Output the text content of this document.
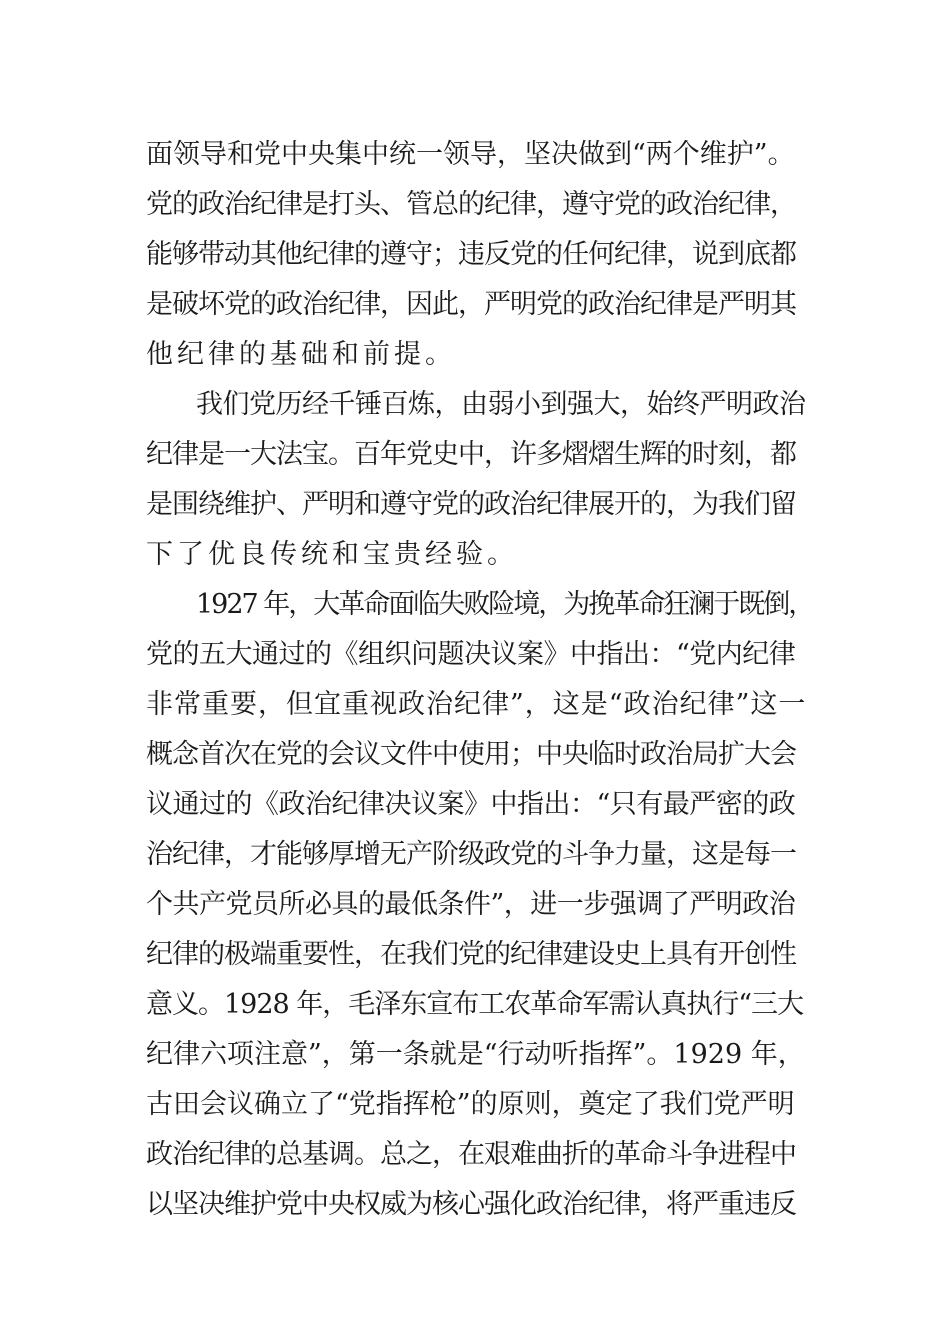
面领导和党中央集中统一领导，坚决做到“两个维护”。
党的政治纪律是打头、管总的纪律，遵守党的政治纪律，
能够带动其他纪律的遵守；违反党的任何纪律，说到底都
是破坏党的政治纪律，因此，严明党的政治纪律是严明其
他纪律的基础和前提。
我们党历经千锤百炼，由弱小到强大，始终严明政治
纪律是一大法宝。百年党史中，许多熠熠生辉的时刻，都
是围绕维护、严明和遵守党的政治纪律展开的，为我们留
下了优良传统和宝贵经验。
1927 年，大革命面临失败险境，为挽革命狂澜于既倒，
党的五大通过的《组织问题决议案》中指出：“党内纪律
非常重要，但宜重视政治纪律”，这是“政治纪律”这一
概念首次在党的会议文件中使用；中央临时政治局扩大会
议通过的《政治纪律决议案》中指出：“只有最严密的政
治纪律，才能够厚增无产阶级政党的斗争力量，这是每一
个共产党员所必具的最低条件”，进一步强调了严明政治
纪律的极端重要性，在我们党的纪律建设史上具有开创性
意义。1928 年，毛泽东宣布工农革命军需认真执行“三大
纪律六项注意”，第一条就是“行动听指挥”。1929 年，
古田会议确立了“党指挥枪”的原则，奠定了我们党严明
政治纪律的总基调。总之，在艰难曲折的革命斗争进程中
以坚决维护党中央权威为核心强化政治纪律，将严重违反
